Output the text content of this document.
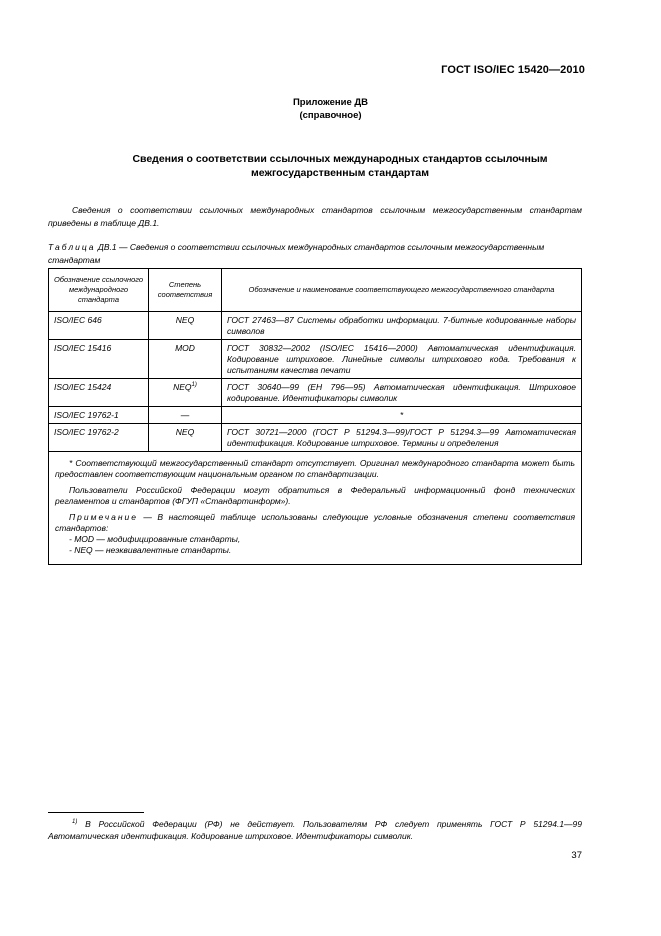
ГОСТ ISO/IEC 15420—2010
Приложение ДВ
(справочное)
Сведения о соответствии ссылочных международных стандартов ссылочным
межгосударственным стандартам
Сведения о соответствии ссылочных международных стандартов ссылочным межгосударственным стандартам приведены в таблице ДВ.1.
Таблица ДВ.1 — Сведения о соответствии ссылочных международных стандартов ссылочным межгосударственным стандартам
Обозначение ссылочного международного стандарта	Степень соответствия	Обозначение и наименование соответствующего межгосударственного стандарта
ISO/IEC 646	NEQ	ГОСТ 27463—87 Системы обработки информации. 7-битные кодированные наборы символов
ISO/IEC 15416	MOD	ГОСТ 30832—2002 (ISO/IEC 15416—2000) Автоматическая идентификация. Кодирование штриховое. Линейные символы штрихового кода. Требования к испытаниям качества печати
ISO/IEC 15424	NEQ$^{1)}$	ГОСТ 30640—99 (ЕН 796—95) Автоматическая идентификация. Штриховое кодирование. Идентификаторы символик
ISO/IEC 19762-1	—	*
ISO/IEC 19762-2	NEQ	ГОСТ 30721—2000 (ГОСТ Р 51294.3—99)/ГОСТ Р 51294.3—99 Автоматическая идентификация. Кодирование штриховое. Термины и определения

* Соответствующий межгосударственный стандарт отсутствует. Оригинал международного стандарта может быть предоставлен соответствующим национальным органом по стандартизации.

Пользователи Российской Федерации могут обратиться в Федеральный информационный фонд технических регламентов и стандартов (ФГУП «Стандартинформ»).

Примечание — В настоящей таблице использованы следующие условные обозначения степени соответствия стандартов:

- MOD — модифицированные стандарты,

- NEQ — неэквивалентные стандарты.		

$^{1)}$ В Российской Федерации (РФ) не действует. Пользователям РФ следует применять ГОСТ Р 51294.1—99 Автоматическая идентификация. Кодирование штриховое. Идентификаторы символик.
37
